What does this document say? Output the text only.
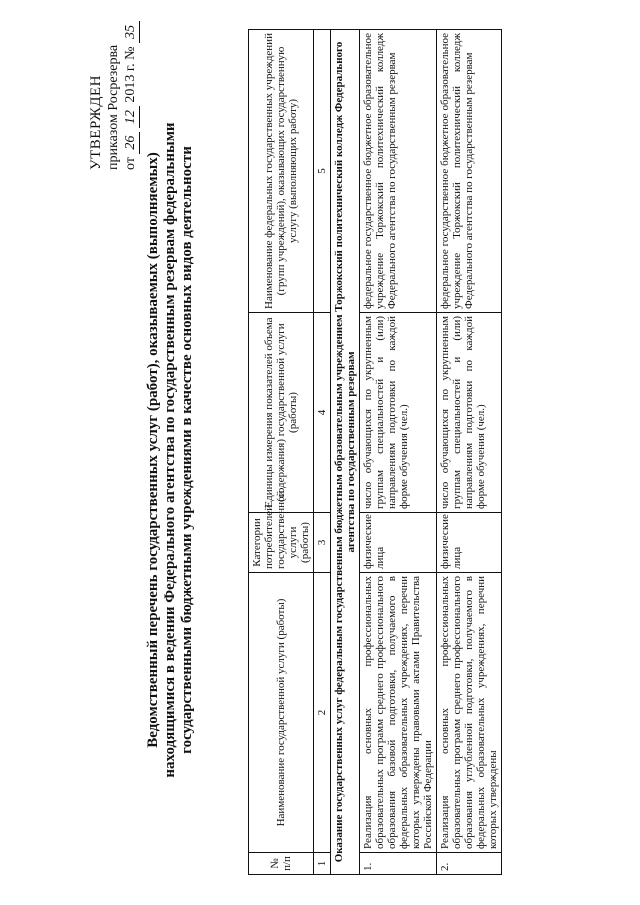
УТВЕРЖДЕН приказом Росрезерва от 26 12 2013 г. № 35
Ведомственный перечень государственных услуг (работ), оказываемых (выполняемых) находящимися в ведении Федерального агентства по государственным резервам федеральными государственными бюджетными учреждениями в качестве основных видов деятельности
№ п/п	Наименование государственной услуги (работы)	Категории потребителей государственной услуги (работы)	Единицы измерения показателей объема (содержания) государственной услуги (работы)	Наименование федеральных государственных учреждений (групп учреждений), оказывающих государственную услугу (выполняющих работу)
1	2	3	4	5
Оказание государственных услуг федеральным государственным бюджетным образовательным учреждением Торжокский политехнический колледж Федерального агентства по государственным резервам				
1.	Реализация основных профессиональных образовательных программ среднего профессионального образования базовой подготовки, получаемого в федеральных образовательных учреждениях, перечни которых утверждены правовыми актами Правительства Российской Федерации	физические лица	число обучающихся по укрупненным группам специальностей и (или) направлениям подготовки по каждой форме обучения (чел.)	федеральное государственное бюджетное образовательное учреждение Торжокский политехнический колледж Федерального агентства по государственным резервам
2.	Реализация основных профессиональных образовательных программ среднего профессионального образования углубленной подготовки, получаемого в федеральных образовательных учреждениях, перечни которых утверждены	физические лица	число обучающихся по укрупненным группам специальностей и (или) направлениям подготовки по каждой форме обучения (чел.)	федеральное государственное бюджетное образовательное учреждение Торжокский политехнический колледж Федерального агентства по государственным резервам
